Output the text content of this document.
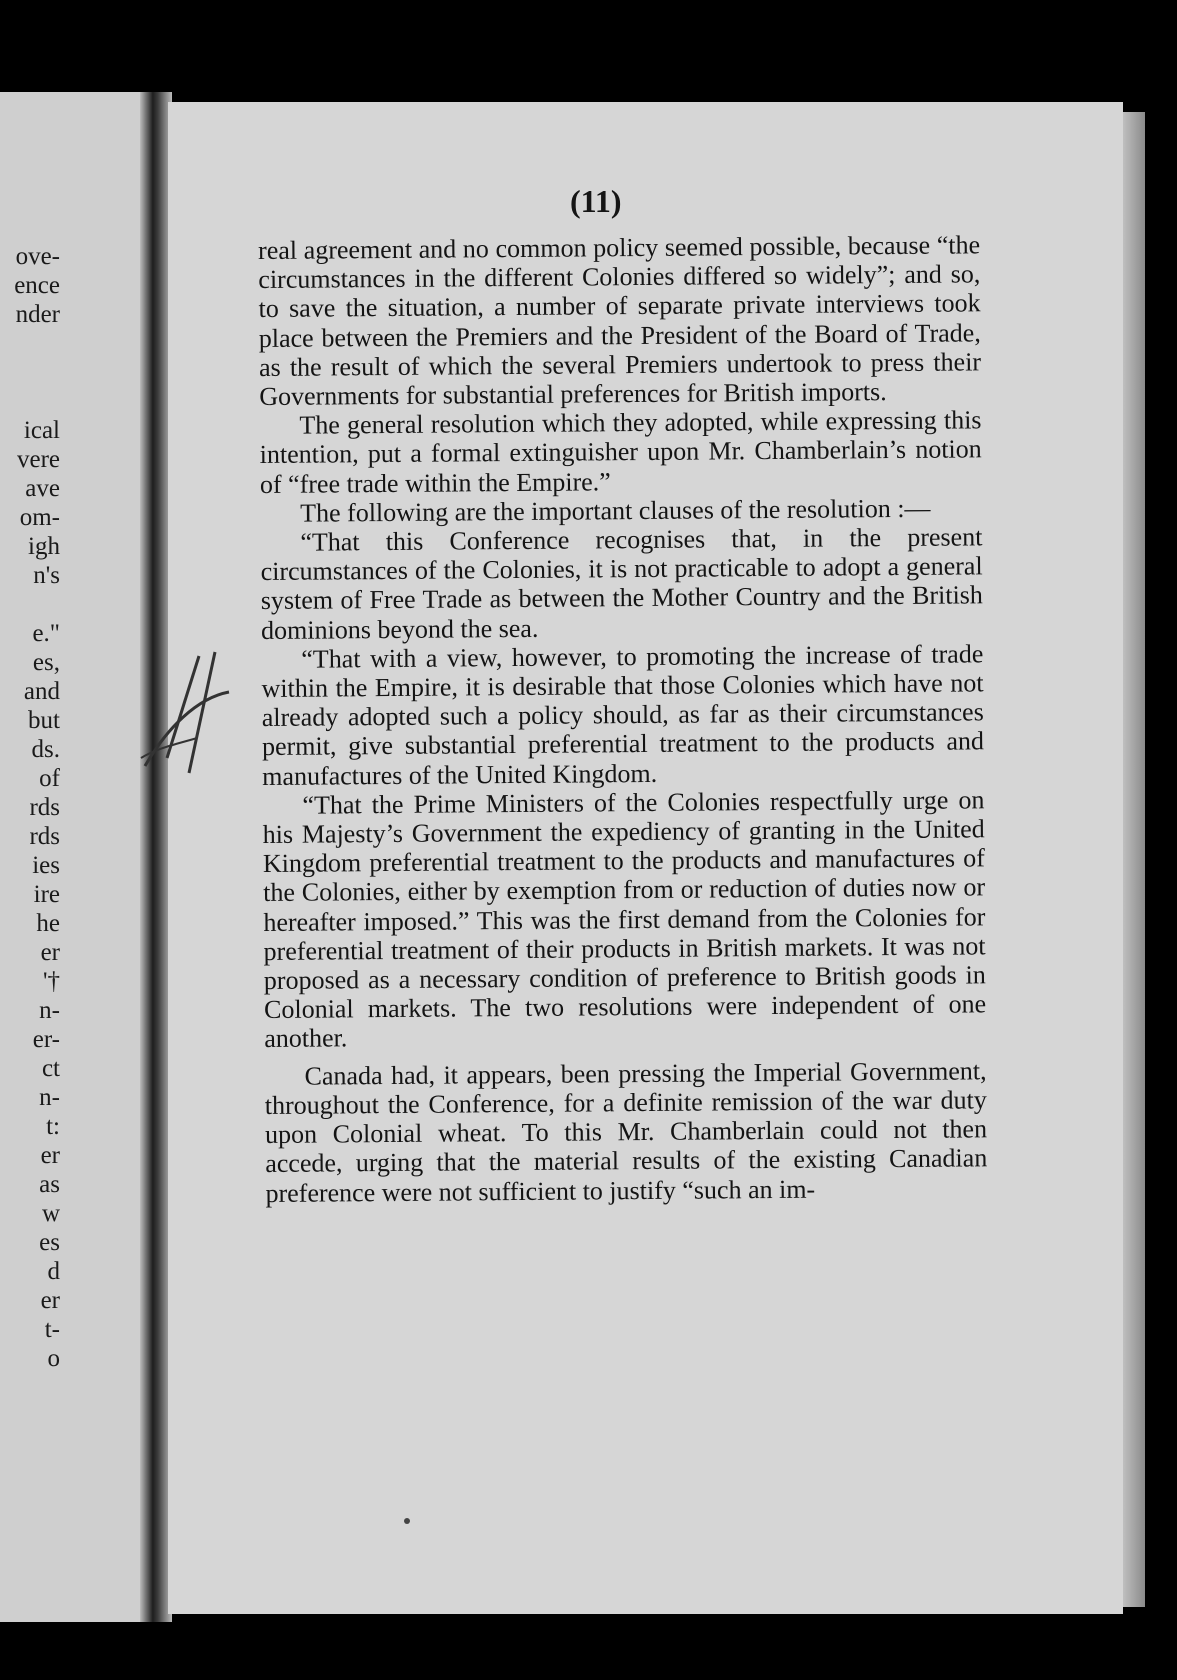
ove-
ence
nder
ical
vere
ave
om-
igh
n's
e."
es,
and
but
ds.
of
rds
rds
ies
ire
he
er
'†
n-
er-
ct
n-
t:
er
as
w
es
d
er
t-
o
(11)

real agreement and no common policy seemed possible, because “the circumstances in the different Colonies differed so widely”; and so, to save the situation, a number of separate private interviews took place between the Premiers and the President of the Board of Trade, as the result of which the several Premiers undertook to press their Governments for substantial preferences for British imports.

The general resolution which they adopted, while expressing this intention, put a formal extinguisher upon Mr. Chamberlain’s notion of “free trade within the Empire.”

The following are the important clauses of the resolution :—

“That this Conference recognises that, in the present circumstances of the Colonies, it is not practicable to adopt a general system of Free Trade as between the Mother Country and the British dominions beyond the sea.

“That with a view, however, to promoting the increase of trade within the Empire, it is desirable that those Colonies which have not already adopted such a policy should, as far as their circumstances permit, give substantial preferential treatment to the products and manufactures of the United Kingdom.

“That the Prime Ministers of the Colonies respectfully urge on his Majesty’s Government the expediency of granting in the United Kingdom preferential treatment to the products and manufactures of the Colonies, either by exemption from or reduction of duties now or hereafter imposed.” This was the first demand from the Colonies for preferential treatment of their products in British markets. It was not proposed as a necessary condition of preference to British goods in Colonial markets. The two resolutions were independent of one another.

Canada had, it appears, been pressing the Imperial Government, throughout the Conference, for a definite remission of the war duty upon Colonial wheat. To this Mr. Chamberlain could not then accede, urging that the material results of the existing Canadian preference were not sufficient to justify “such an im-
